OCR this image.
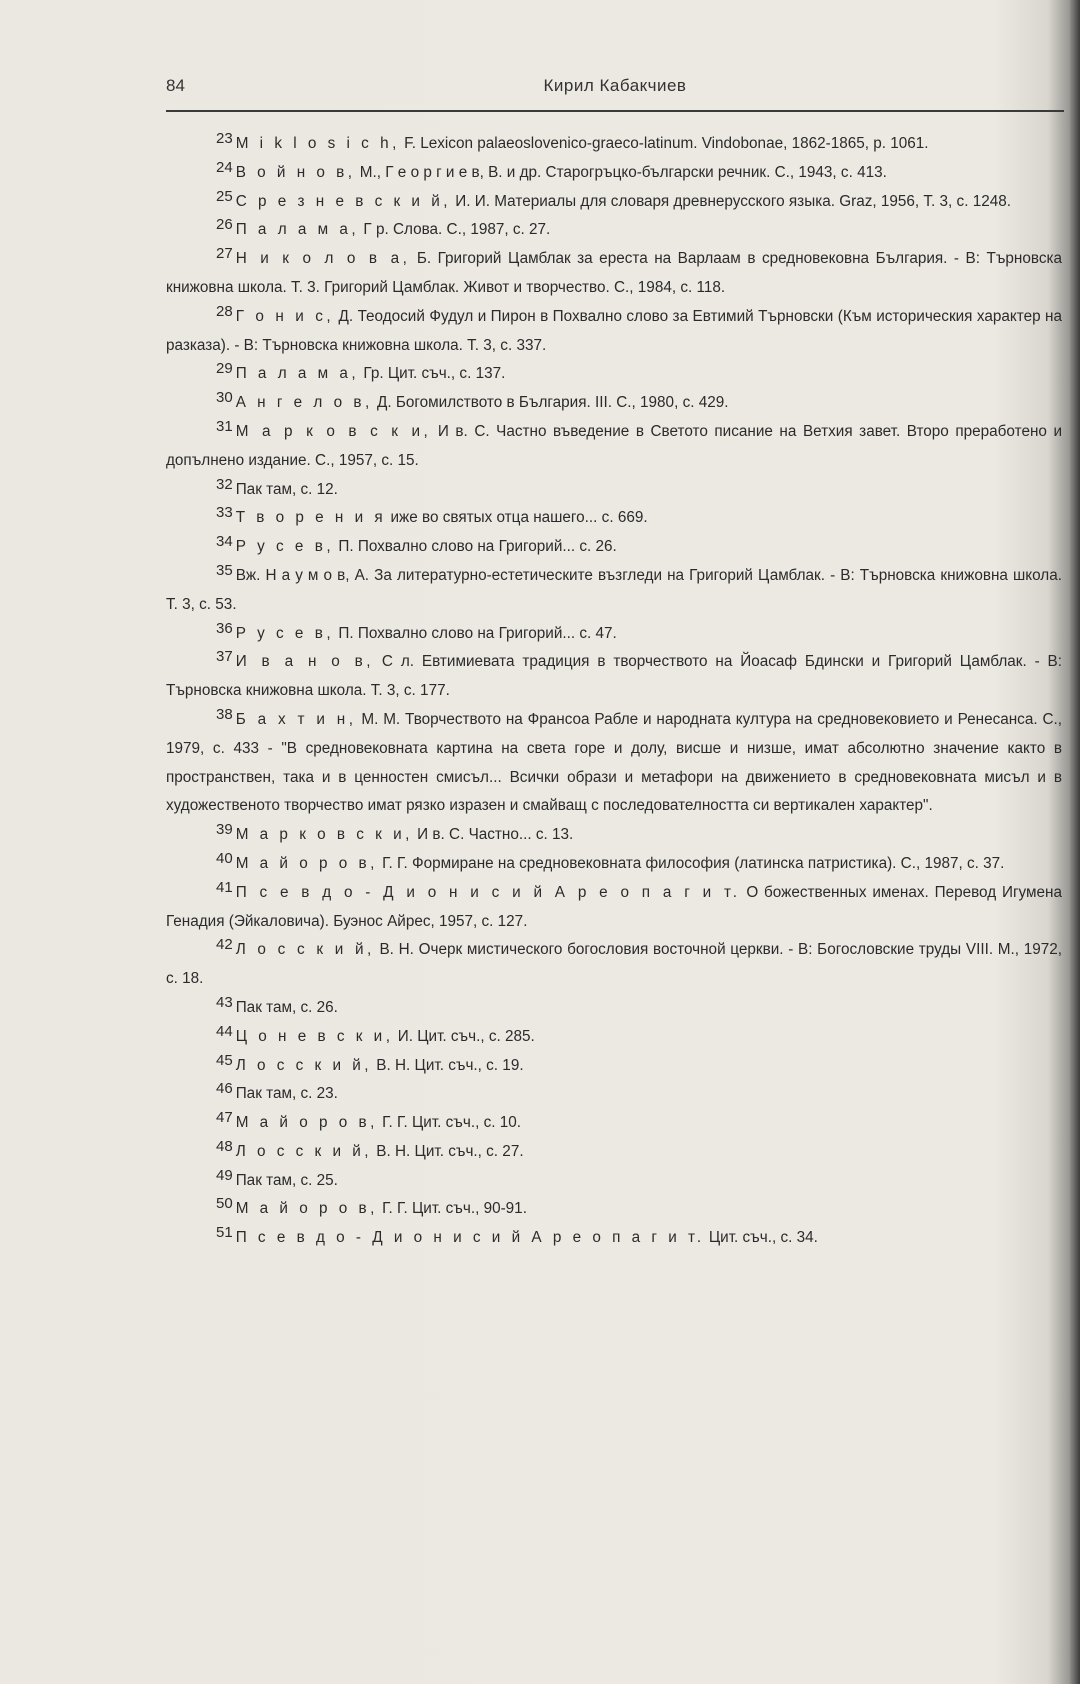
84	Кирил Кабакчиев

$^{23}$ M i k l o s i c h, F. Lexicon palaeoslovenico-graeco-latinum. Vindobonae, 1862-1865, p. 1061.

$^{24}$ В о й н о в, М., Г е о р г и е в, В. и др. Старогръцко-български речник. С., 1943, с. 413.

$^{25}$ С р е з н е в с к и й, И. И. Материалы для словаря древнерусского языка. Graz, 1956, Т. 3, с. 1248.

$^{26}$ П а л а м а, Г р. Слова. С., 1987, с. 27.

$^{27}$ Н и к о л о в а, Б. Григорий Цамблак за ереста на Варлаам в средновековна България. - В: Търновска книжовна школа. Т. 3. Григорий Цамблак. Живот и творчество. С., 1984, с. 118.

$^{28}$ Г о н и с, Д. Теодосий Фудул и Пирон в Похвално слово за Евтимий Търновски (Към историческия характер на разказа). - В: Търновска книжовна школа. Т. 3, с. 337.

$^{29}$ П а л а м а, Гр. Цит. съч., с. 137.

$^{30}$ А н г е л о в, Д. Богомилството в България. III. С., 1980, с. 429.

$^{31}$ М а р к о в с к и, И в. С. Частно въведение в Светото писание на Ветхия завет. Второ преработено и допълнено издание. С., 1957, с. 15.

$^{32}$ Пак там, с. 12.

$^{33}$ Т в о р е н и я иже во святых отца нашего... с. 669.

$^{34}$ Р у с е в, П. Похвално слово на Григорий... с. 26.

$^{35}$ Вж. Н а у м о в, А. За литературно-естетическите възгледи на Григорий Цамблак. - В: Търновска книжовна школа. Т. 3, с. 53.

$^{36}$ Р у с е в, П. Похвално слово на Григорий... с. 47.

$^{37}$ И в а н о в, С л. Евтимиевата традиция в творчеството на Йоасаф Бдински и Григорий Цамблак. - В: Търновска книжовна школа. Т. 3, с. 177.

$^{38}$ Б а х т и н, М. М. Творчеството на Франсоа Рабле и народната култура на средновековието и Ренесанса. С., 1979, с. 433 - "В средновековната картина на света горе и долу, висше и низше, имат абсолютно значение както в пространствен, така и в ценностен смисъл... Всички образи и метафори на движението в средновековната мисъл и в художественото творчество имат рязко изразен и смайващ с последователността си вертикален характер".

$^{39}$ М а р к о в с к и, И в. С. Частно... с. 13.

$^{40}$ М а й о р о в, Г. Г. Формиране на средновековната философия (латинска патристика). С., 1987, с. 37.

$^{41}$ П с е в д о - Д и о н и с и й А р е о п а г и т. О божественных именах. Перевод Игумена Генадия (Эйкаловича). Буэнос Айрес, 1957, с. 127.

$^{42}$ Л о с с к и й, В. Н. Очерк мистического богословия восточной церкви. - В: Богословские труды VIII. М., 1972, с. 18.

$^{43}$ Пак там, с. 26.

$^{44}$ Ц о н е в с к и, И. Цит. съч., с. 285.

$^{45}$ Л о с с к и й, В. Н. Цит. съч., с. 19.

$^{46}$ Пак там, с. 23.

$^{47}$ М а й о р о в, Г. Г. Цит. съч., с. 10.

$^{48}$ Л о с с к и й, В. Н. Цит. съч., с. 27.

$^{49}$ Пак там, с. 25.

$^{50}$ М а й о р о в, Г. Г. Цит. съч., 90-91.

$^{51}$ П с е в д о - Д и о н и с и й А р е о п а г и т. Цит. съч., с. 34.
